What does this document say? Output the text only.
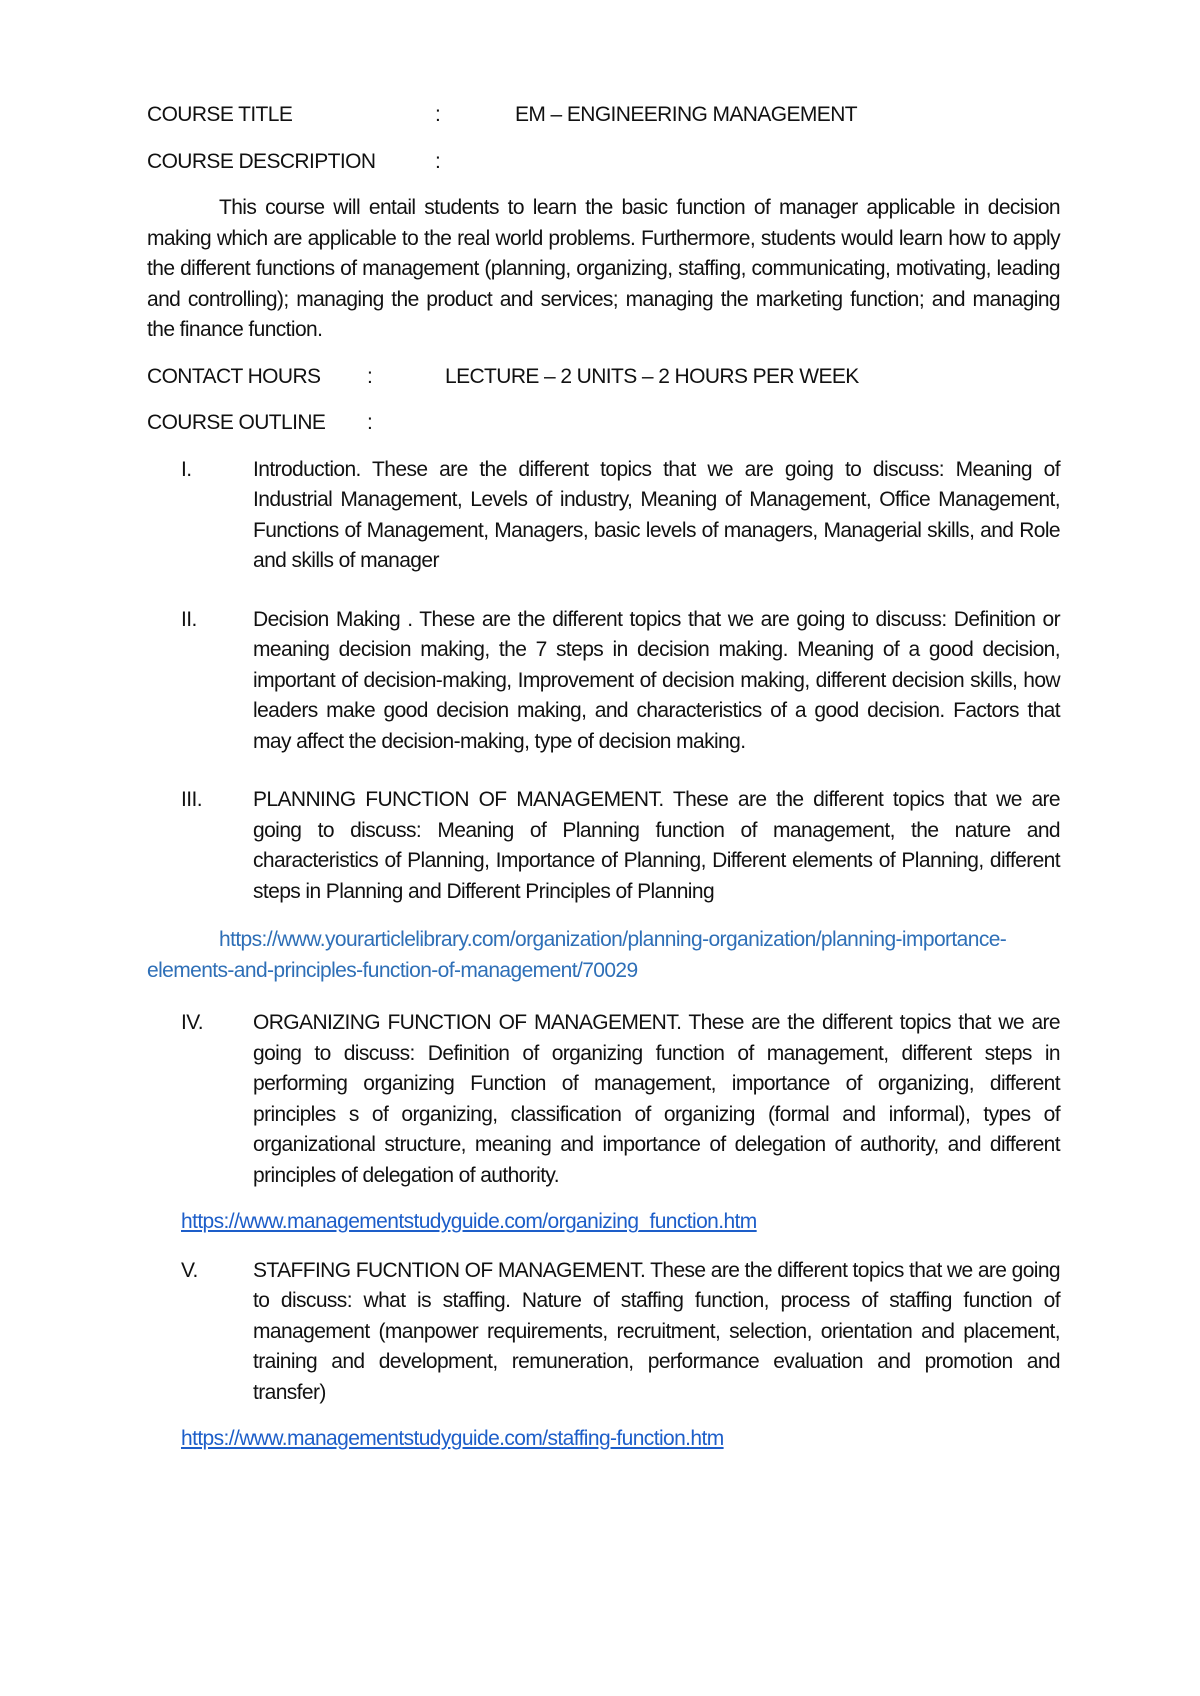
COURSE TITLE	:	EM – ENGINEERING MANAGEMENT
COURSE DESCRIPTION	:

This course will entail students to learn the basic function of manager applicable in decision making which are applicable to the real world problems. Furthermore, students would learn how to apply the different functions of management (planning, organizing, staffing, communicating, motivating, leading and controlling); managing the product and services; managing the marketing function; and managing the finance function.

CONTACT HOURS	:	LECTURE – 2 UNITS – 2 HOURS PER WEEK
COURSE OUTLINE	:
I.	Introduction. These are the different topics that we are going to discuss: Meaning of Industrial Management, Levels of industry, Meaning of Management, Office Management, Functions of Management, Managers, basic levels of managers, Managerial skills, and Role and skills of manager
II.	Decision Making . These are the different topics that we are going to discuss: Definition or meaning decision making, the 7 steps in decision making. Meaning of a good decision, important of decision-making, Improvement of decision making, different decision skills, how leaders make good decision making, and characteristics of a good decision. Factors that may affect the decision-making, type of decision making.
III.	PLANNING FUNCTION OF MANAGEMENT. These are the different topics that we are going to discuss: Meaning of Planning function of management, the nature and characteristics of Planning, Importance of Planning, Different elements of Planning, different steps in Planning and Different Principles of Planning
https://www.yourarticlelibrary.com/organization/planning-organization/planning-importance-elements-and-principles-function-of-management/70029
IV.	ORGANIZING FUNCTION OF MANAGEMENT. These are the different topics that we are going to discuss: Definition of organizing function of management, different steps in performing organizing Function of management, importance of organizing, different principles s of organizing, classification of organizing (formal and informal), types of organizational structure, meaning and importance of delegation of authority, and different principles of delegation of authority.
https://www.managementstudyguide.com/organizing_function.htm
V.	STAFFING FUCNTION OF MANAGEMENT. These are the different topics that we are going to discuss: what is staffing. Nature of staffing function, process of staffing function of management (manpower requirements, recruitment, selection, orientation and placement, training and development, remuneration, performance evaluation and promotion and transfer)
https://www.managementstudyguide.com/staffing-function.htm
